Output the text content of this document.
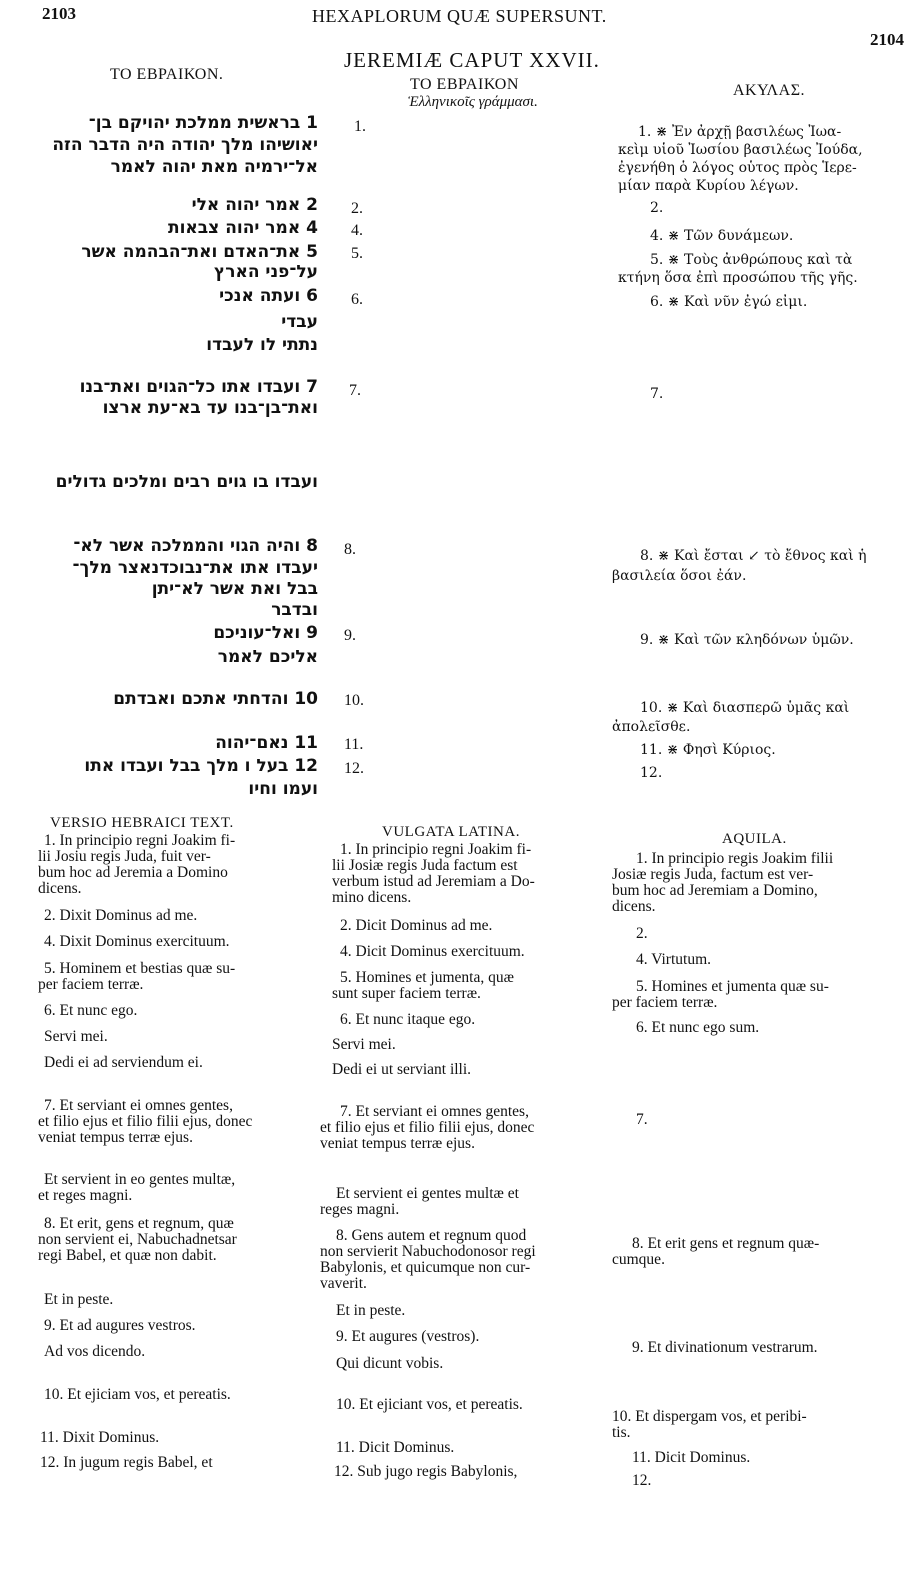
2103	HEXAPLORUM QUÆ SUPERSUNT.
2104
JEREMIÆ CAPUT XXVII.
ΤΟ ΕΒΡΑΙΚΟΝ.
ΤΟ ΕΒΡΑΙΚΟΝ
Ἑλληνικοῖς γράμμασι.
ΑΚΥΛΑΣ.
1 בראשית ממלכת יהויקם בן־
יאושיהו מלך יהודה היה הדבר הזה
אל־ירמיה מאת יהוה לאמר
2 אמר יהוה אלי
4 אמר יהוה צבאות
5 את־האדם ואת־הבהמה אשר
על־פני הארץ
6 ועתה אנכי
עבדי
נתתי לו לעבדו
7 ועבדו אתו כל־הגוים ואת־בנו
ואת־בן־בנו עד בא־עת ארצו
ועבדו בו גוים רבים ומלכים גדולים
8 והיה הגוי והממלכה אשר לא־
יעבדו אתו את־נבוכדנאצר מלך־
בבל ואת אשר לא־יתן
ובדבר
9 ואל־עוניכם
אליכם לאמר
10 והדחתי אתכם ואבדתם
11 נאם־יהוה
12 בעל ו מלך בבל ועבדו אתו
ועמו וחיו
1.
2.
4.
5.
6.
7.
8.
9.
10.
11.
12.
1. ⋇ Ἐν ἀρχῇ βασιλέως Ἰωα-
κεὶμ υἱοῦ Ἰωσίου βασιλέως Ἰούδα,
ἐγενήθη ὁ λόγος οὗτος πρὸς Ἱερε-
μίαν παρὰ Κυρίου λέγων.
2.
4. ⋇ Τῶν δυνάμεων.
5. ⋇ Τοὺς ἀνθρώπους καὶ τὰ
κτήνη ὅσα ἐπὶ προσώπου τῆς γῆς.
6. ⋇ Καὶ νῦν ἐγώ εἰμι.
7.
8. ⋇ Καὶ ἔσται ↙ τὸ ἔθνος καὶ ἡ
βασιλεία ὅσοι ἐάν.
9. ⋇ Καὶ τῶν κληδόνων ὑμῶν.
10. ⋇ Καὶ διασπερῶ ὑμᾶς καὶ
ἀπολεῖσθε.
11. ⋇ Φησὶ Κύριος.
12.
VERSIO HEBRAICI TEXT.
VULGATA LATINA.	AQUILA.
1. In principio regni Joakim fi-
lii Josiu regis Juda, fuit ver-
bum hoc ad Jeremia a Domino
dicens.
2. Dixit Dominus ad me.
4. Dixit Dominus exercituum.
5. Hominem et bestias quæ su-
per faciem terræ.
6. Et nunc ego.
Servi mei.
Dedi ei ad serviendum ei.
7. Et serviant ei omnes gentes,
et filio ejus et filio filii ejus, donec
veniat tempus terræ ejus.
Et servient in eo gentes multæ,
et reges magni.
8. Et erit, gens et regnum, quæ
non servient ei, Nabuchadnetsar
regi Babel, et quæ non dabit.
Et in peste.
9. Et ad augures vestros.
Ad vos dicendo.
10. Et ejiciam vos, et pereatis.
11. Dixit Dominus.
12. In jugum regis Babel, et
1. In principio regni Joakim fi-
lii Josiæ regis Juda factum est
verbum istud ad Jeremiam a Do-
mino dicens.
2. Dicit Dominus ad me.
4. Dicit Dominus exercituum.
5. Homines et jumenta, quæ
sunt super faciem terræ.
6. Et nunc itaque ego.
Servi mei.
Dedi ei ut serviant illi.
7. Et serviant ei omnes gentes,
et filio ejus et filio filii ejus, donec
veniat tempus terræ ejus.
Et servient ei gentes multæ et
reges magni.
8. Gens autem et regnum quod
non servierit Nabuchodonosor regi
Babylonis, et quicumque non cur-
vaverit.
Et in peste.
9. Et augures (vestros).
Qui dicunt vobis.
10. Et ejiciant vos, et pereatis.
11. Dicit Dominus.
12. Sub jugo regis Babylonis,
1. In principio regis Joakim filii
Josiæ regis Juda, factum est ver-
bum hoc ad Jeremiam a Domino,
dicens.
2.
4. Virtutum.
5. Homines et jumenta quæ su-
per faciem terræ.
6. Et nunc ego sum.
7.
8. Et erit gens et regnum quæ-
cumque.
9. Et divinationum vestrarum.
10. Et dispergam vos, et peribi-
tis.
11. Dicit Dominus.
12.
